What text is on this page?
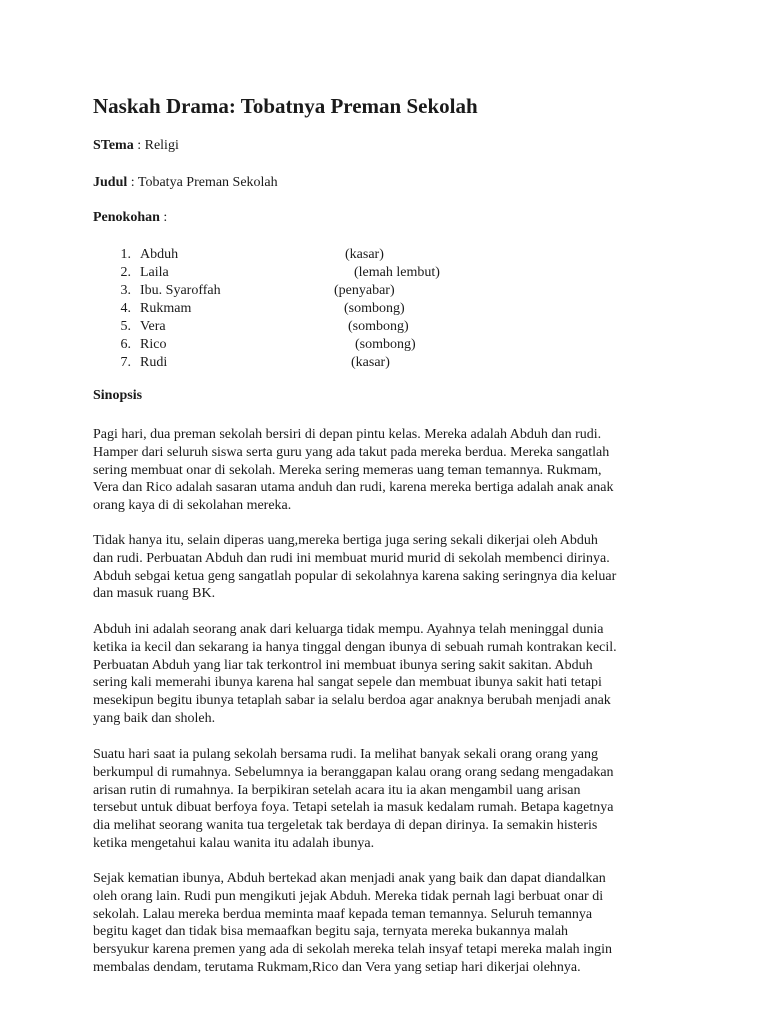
Naskah Drama: Tobatnya Preman Sekolah
STema : Religi
Judul : Tobatya Preman Sekolah
Penokohan :
1. Abduh	(kasar)
2. Laila	(lemah lembut)
3. Ibu. Syaroffah	(penyabar)
4. Rukmam	(sombong)
5. Vera	(sombong)
6. Rico	(sombong)
7. Rudi	(kasar)
Sinopsis

Pagi hari, dua preman sekolah bersiri di depan pintu kelas. Mereka adalah Abduh dan rudi.
Hamper dari seluruh siswa serta guru yang ada takut pada mereka berdua. Mereka sangatlah
sering membuat onar di sekolah. Mereka sering memeras uang teman temannya. Rukmam,
Vera dan Rico adalah sasaran utama anduh dan rudi, karena mereka bertiga adalah anak anak
orang kaya di di sekolahan mereka.

Tidak hanya itu, selain diperas uang,mereka bertiga juga sering sekali dikerjai oleh Abduh
dan rudi. Perbuatan Abduh dan rudi ini membuat murid murid di sekolah membenci dirinya.
Abduh sebgai ketua geng sangatlah popular di sekolahnya karena saking seringnya dia keluar
dan masuk ruang BK.

Abduh ini adalah seorang anak dari keluarga tidak mempu. Ayahnya telah meninggal dunia
ketika ia kecil dan sekarang ia hanya tinggal dengan ibunya di sebuah rumah kontrakan kecil.
Perbuatan Abduh yang liar tak terkontrol ini membuat ibunya sering sakit sakitan. Abduh
sering kali memerahi ibunya karena hal sangat sepele dan membuat ibunya sakit hati tetapi
mesekipun begitu ibunya tetaplah sabar ia selalu berdoa agar anaknya berubah menjadi anak
yang baik dan sholeh.

Suatu hari saat ia pulang sekolah bersama rudi. Ia melihat banyak sekali orang orang yang
berkumpul di rumahnya. Sebelumnya ia beranggapan kalau orang orang sedang mengadakan
arisan rutin di rumahnya. Ia berpikiran setelah acara itu ia akan mengambil uang arisan
tersebut untuk dibuat berfoya foya. Tetapi setelah ia masuk kedalam rumah. Betapa kagetnya
dia melihat seorang wanita tua tergeletak tak berdaya di depan dirinya. Ia semakin histeris
ketika mengetahui kalau wanita itu adalah ibunya.

Sejak kematian ibunya, Abduh bertekad akan menjadi anak yang baik dan dapat diandalkan
oleh orang lain. Rudi pun mengikuti jejak Abduh. Mereka tidak pernah lagi berbuat onar di
sekolah. Lalau mereka berdua meminta maaf kepada teman temannya. Seluruh temannya
begitu kaget dan tidak bisa memaafkan begitu saja, ternyata mereka bukannya malah
bersyukur karena premen yang ada di sekolah mereka telah insyaf tetapi mereka malah ingin
membalas dendam, terutama Rukmam,Rico dan Vera yang setiap hari dikerjai olehnya.
